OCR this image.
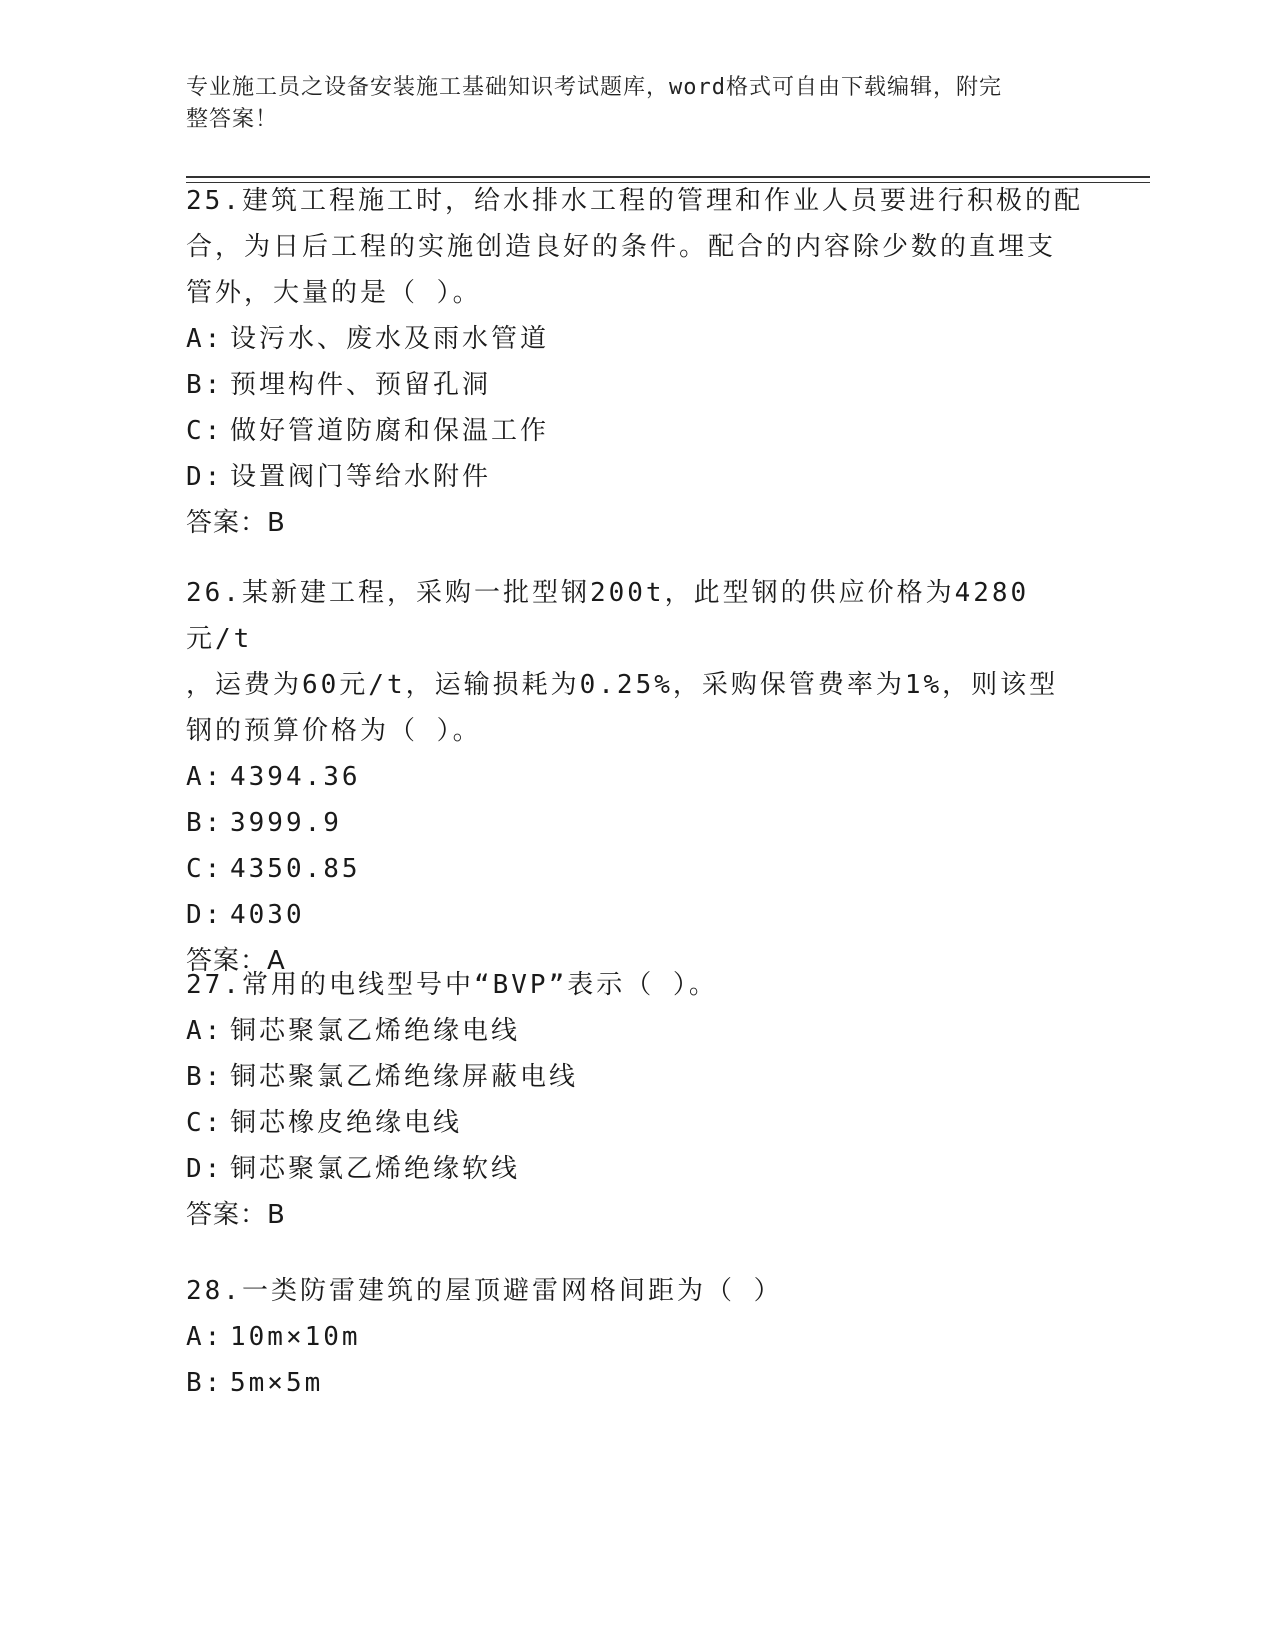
专业施工员之设备安装施工基础知识考试题库，word格式可自由下载编辑，附完
整答案！

25.建筑工程施工时，给水排水工程的管理和作业人员要进行积极的配

合，为日后工程的实施创造良好的条件。配合的内容除少数的直埋支

管外，大量的是（ ）。

A: 设污水、废水及雨水管道

B: 预埋构件、预留孔洞

C: 做好管道防腐和保温工作

D: 设置阀门等给水附件

答案：B

26.某新建工程，采购一批型钢200t，此型钢的供应价格为4280元/t

，运费为60元/t，运输损耗为0.25%，采购保管费率为1%，则该型

钢的预算价格为（ ）。

A: 4394.36

B: 3999.9

C: 4350.85

D: 4030

答案：A

27.常用的电线型号中“BVP”表示（ ）。

A: 铜芯聚氯乙烯绝缘电线

B: 铜芯聚氯乙烯绝缘屏蔽电线

C: 铜芯橡皮绝缘电线

D: 铜芯聚氯乙烯绝缘软线

答案：B

28.一类防雷建筑的屋顶避雷网格间距为（ ）

A: 10m×10m

B: 5m×5m
